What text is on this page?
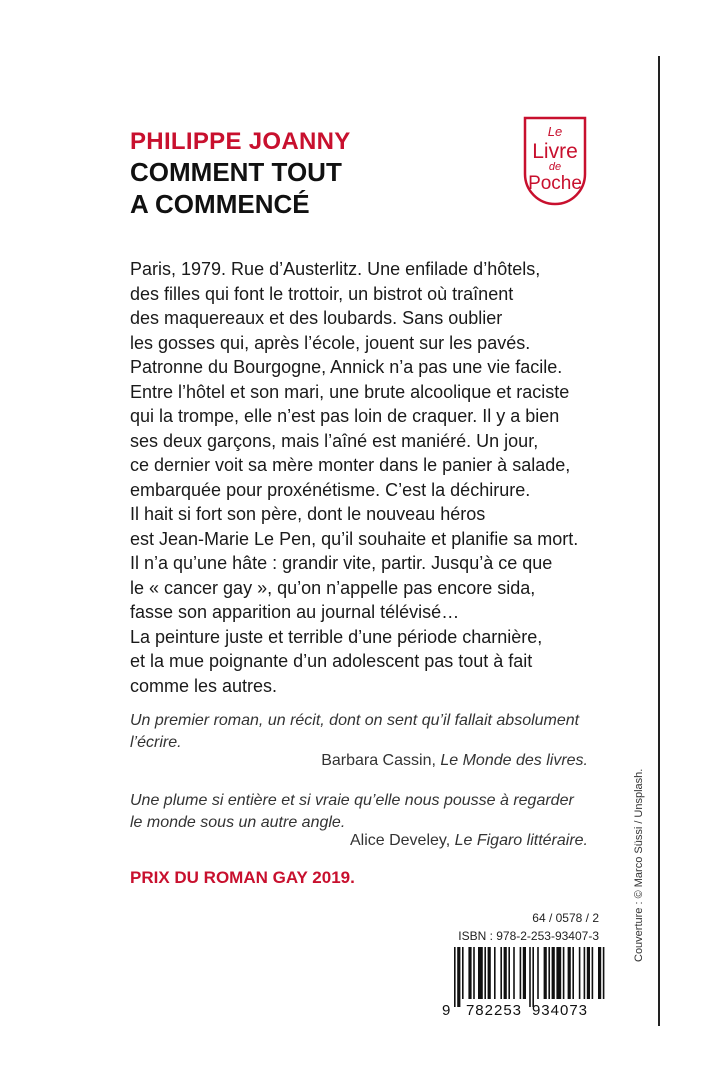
PHILIPPE JOANNY
COMMENT TOUT
A COMMENCÉ
Le
Livre
de
Poche
Paris, 1979. Rue d’Austerlitz. Une enfilade d’hôtels,
des filles qui font le trottoir, un bistrot où traînent
des maquereaux et des loubards. Sans oublier
les gosses qui, après l’école, jouent sur les pavés.
Patronne du Bourgogne, Annick n’a pas une vie facile.
Entre l’hôtel et son mari, une brute alcoolique et raciste
qui la trompe, elle n’est pas loin de craquer. Il y a bien
ses deux garçons, mais l’aîné est maniéré. Un jour,
ce dernier voit sa mère monter dans le panier à salade,
embarquée pour proxénétisme. C’est la déchirure.
Il hait si fort son père, dont le nouveau héros
est Jean-Marie Le Pen, qu’il souhaite et planifie sa mort.
Il n’a qu’une hâte : grandir vite, partir. Jusqu’à ce que
le « cancer gay », qu’on n’appelle pas encore sida,
fasse son apparition au journal télévisé…
La peinture juste et terrible d’une période charnière,
et la mue poignante d’un adolescent pas tout à fait
comme les autres.
Un premier roman, un récit, dont on sent qu’il fallait absolument
l’écrire.
Barbara Cassin, Le Monde des livres.
Une plume si entière et si vraie qu’elle nous pousse à regarder
le monde sous un autre angle.
Alice Develey, Le Figaro littéraire.
PRIX DU ROMAN GAY 2019.
64 / 0578 / 2
ISBN : 978-2-253-93407-3
9 782253 934073
Couverture : © Marco Süssi / Unsplash.
